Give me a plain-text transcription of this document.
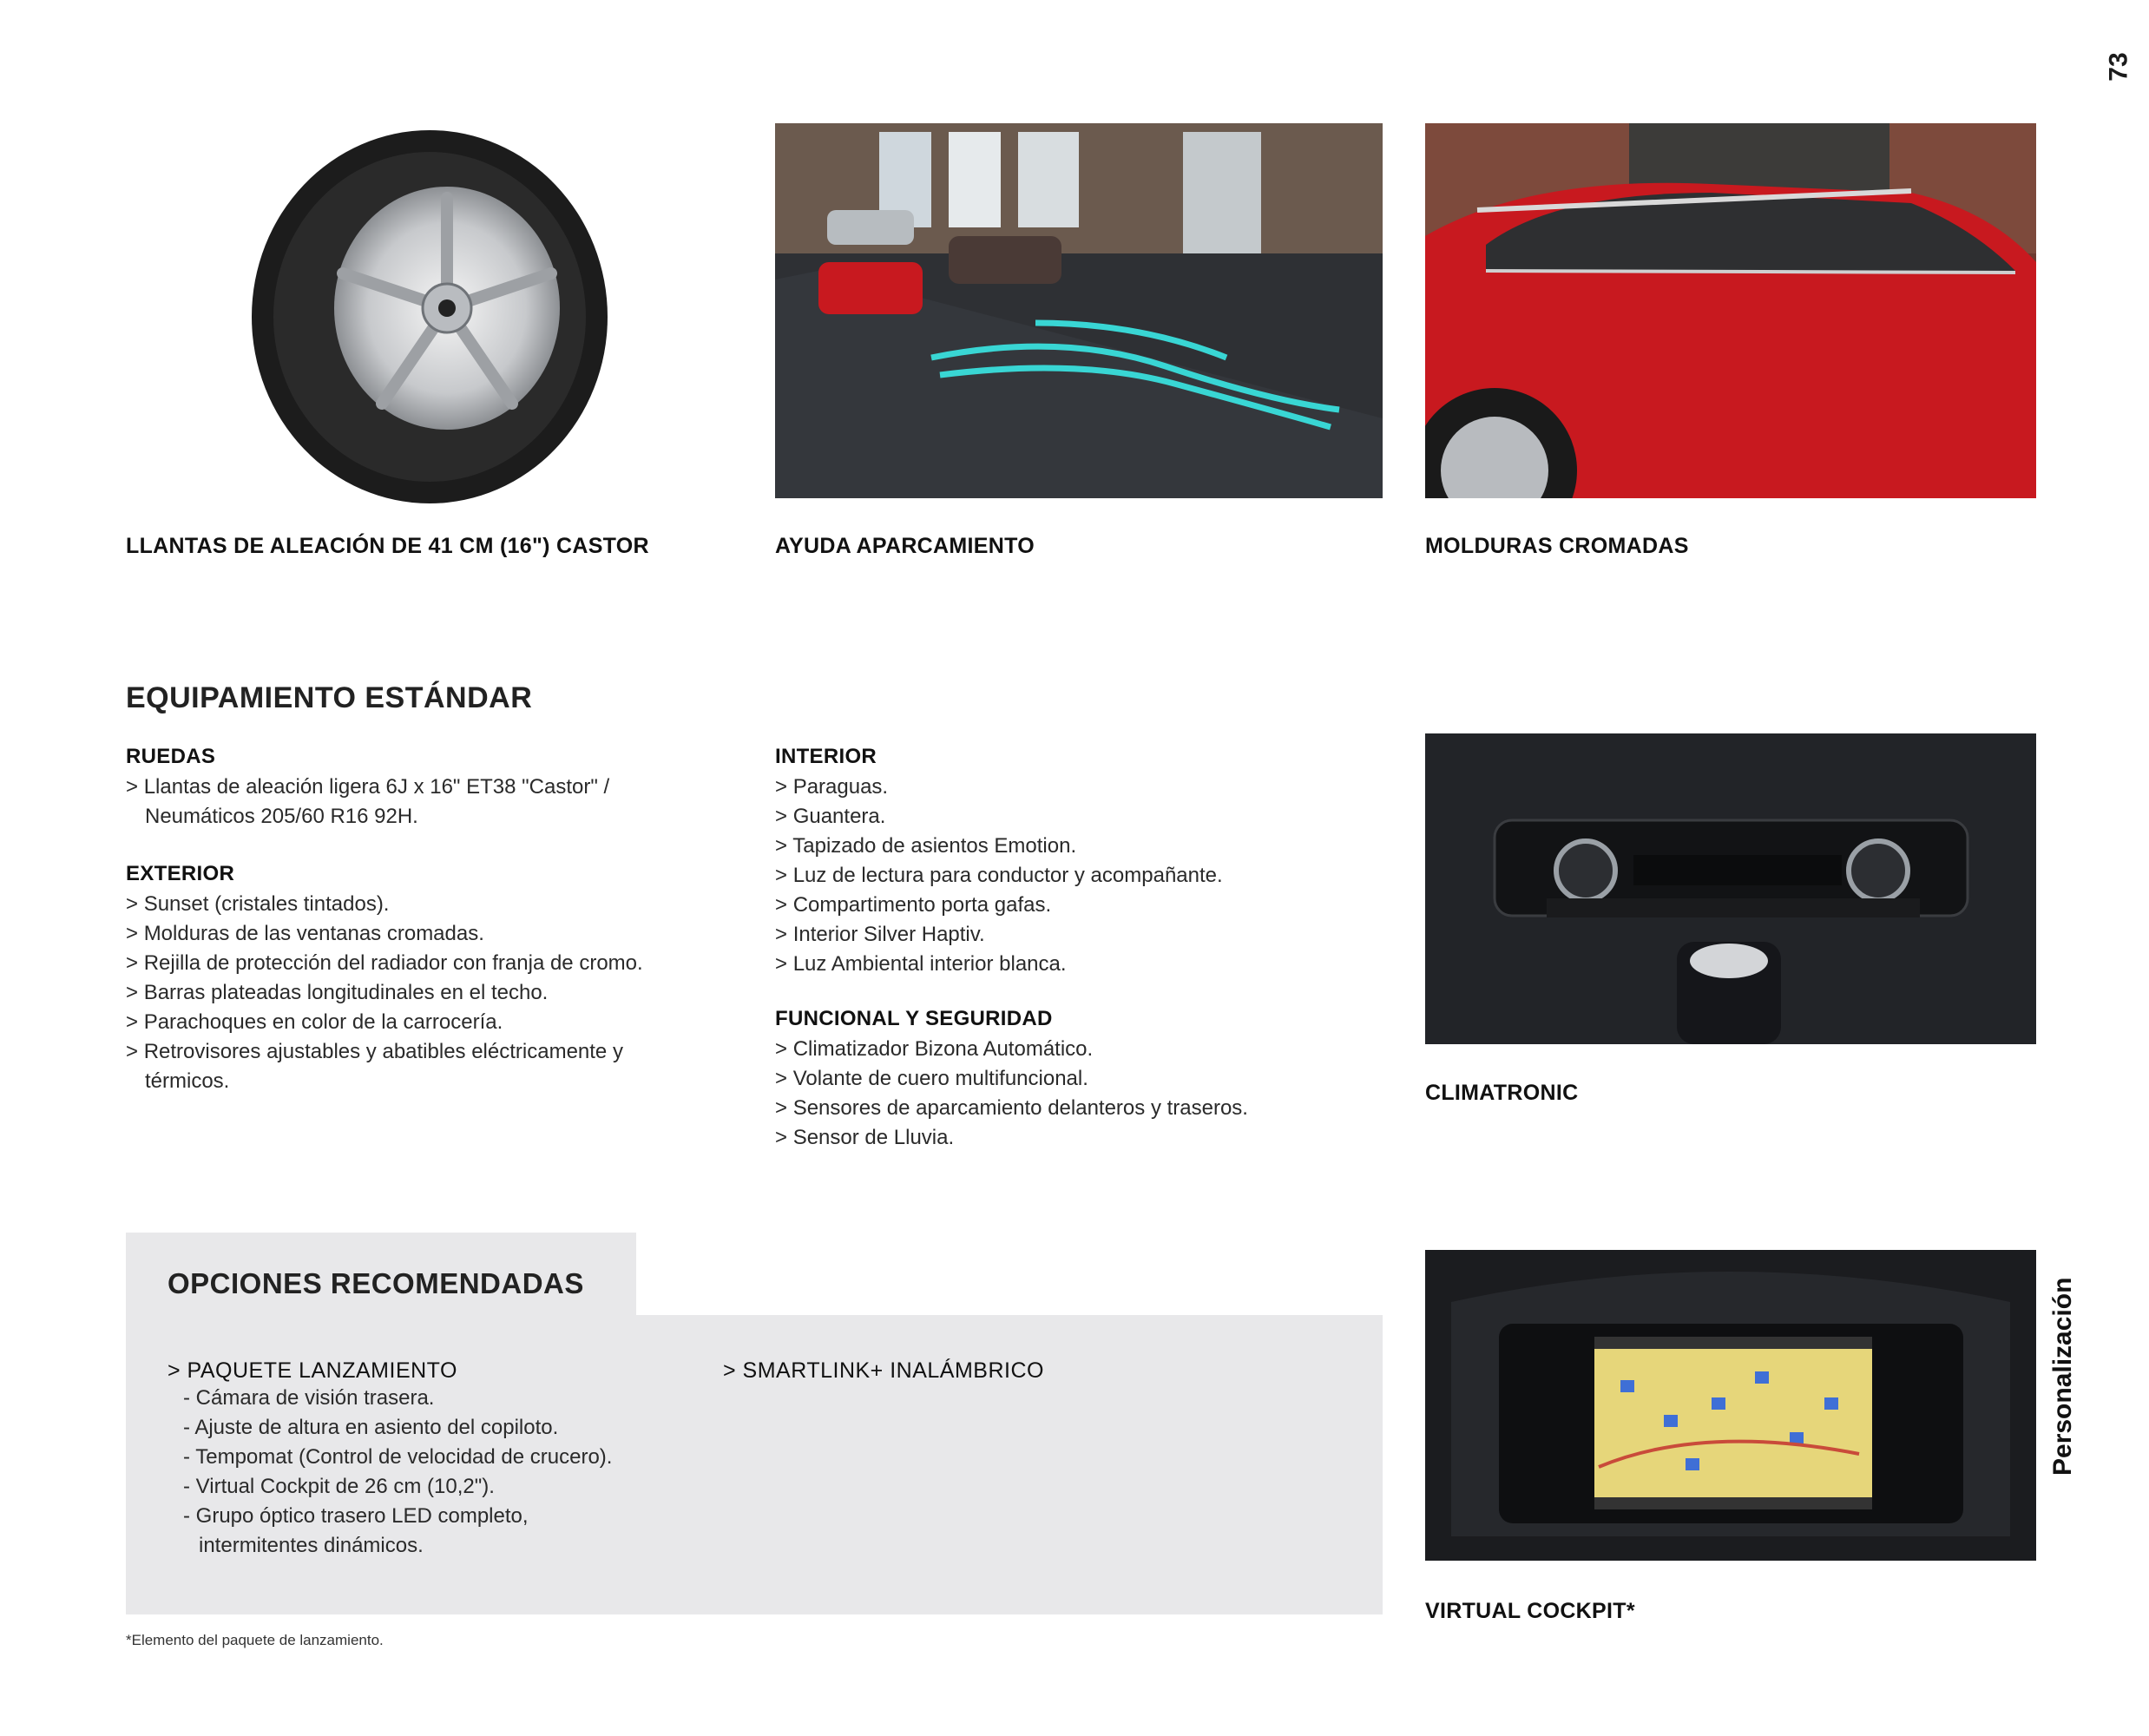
73
Personalización
LLANTAS DE ALEACIÓN DE 41 CM (16") CASTOR	AYUDA APARCAMIENTO	MOLDURAS CROMADAS
EQUIPAMIENTO ESTÁNDAR
RUEDAS
> Llantas de aleación ligera 6J x 16" ET38 "Castor" / Neumáticos 205/60 R16 92H.
EXTERIOR
> Sunset (cristales tintados).
> Molduras de las ventanas cromadas.
> Rejilla de protección del radiador con franja de cromo.
> Barras plateadas longitudinales en el techo.
> Parachoques en color de la carrocería.
> Retrovisores ajustables y abatibles eléctricamente y térmicos.
INTERIOR
> Paraguas.
> Guantera.
> Tapizado de asientos Emotion.
> Luz de lectura para conductor y acompañante.
> Compartimento porta gafas.
> Interior Silver Haptiv.
> Luz Ambiental interior blanca.
FUNCIONAL Y SEGURIDAD
> Climatizador Bizona Automático.
> Volante de cuero multifuncional.
> Sensores de aparcamiento delanteros y traseros.
> Sensor de Lluvia.
CLIMATRONIC
OPCIONES RECOMENDADAS
> PAQUETE LANZAMIENTO
- Cámara de visión trasera.
- Ajuste de altura en asiento del copiloto.
- Tempomat (Control de velocidad de crucero).
- Virtual Cockpit de 26 cm (10,2").
- Grupo óptico trasero LED completo, intermitentes dinámicos.
> SMARTLINK+ INALÁMBRICO
VIRTUAL COCKPIT*
*Elemento del paquete de lanzamiento.
